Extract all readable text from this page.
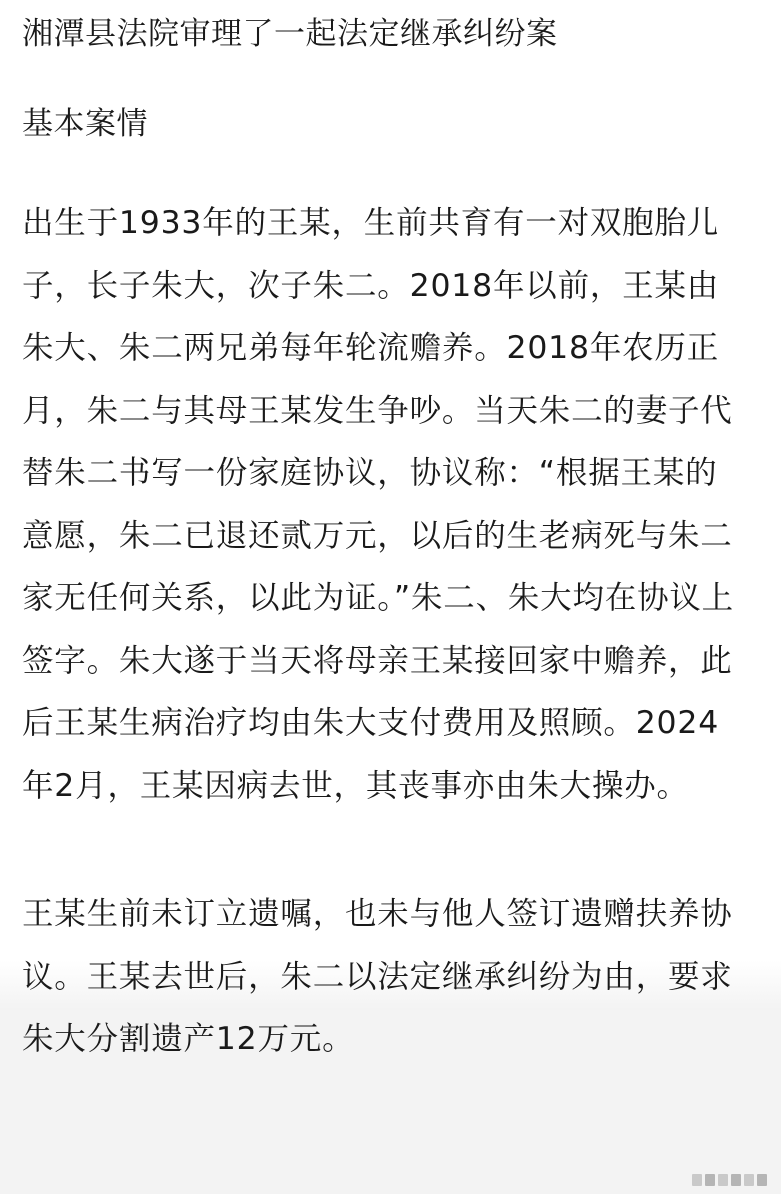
湘潭县法院审理了一起法定继承纠纷案
基本案情

出生于1933年的王某，生前共育有一对双胞胎儿子，长子朱大，次子朱二。2018年以前，王某由朱大、朱二两兄弟每年轮流赡养。2018年农历正月，朱二与其母王某发生争吵。当天朱二的妻子代替朱二书写一份家庭协议，协议称：“根据王某的意愿，朱二已退还贰万元，以后的生老病死与朱二家无任何关系，以此为证。”朱二、朱大均在协议上签字。朱大遂于当天将母亲王某接回家中赡养，此后王某生病治疗均由朱大支付费用及照顾。2024年2月，王某因病去世，其丧事亦由朱大操办。

王某生前未订立遗嘱，也未与他人签订遗赠扶养协议。王某去世后，朱二以法定继承纠纷为由，要求朱大分割遗产12万元。
